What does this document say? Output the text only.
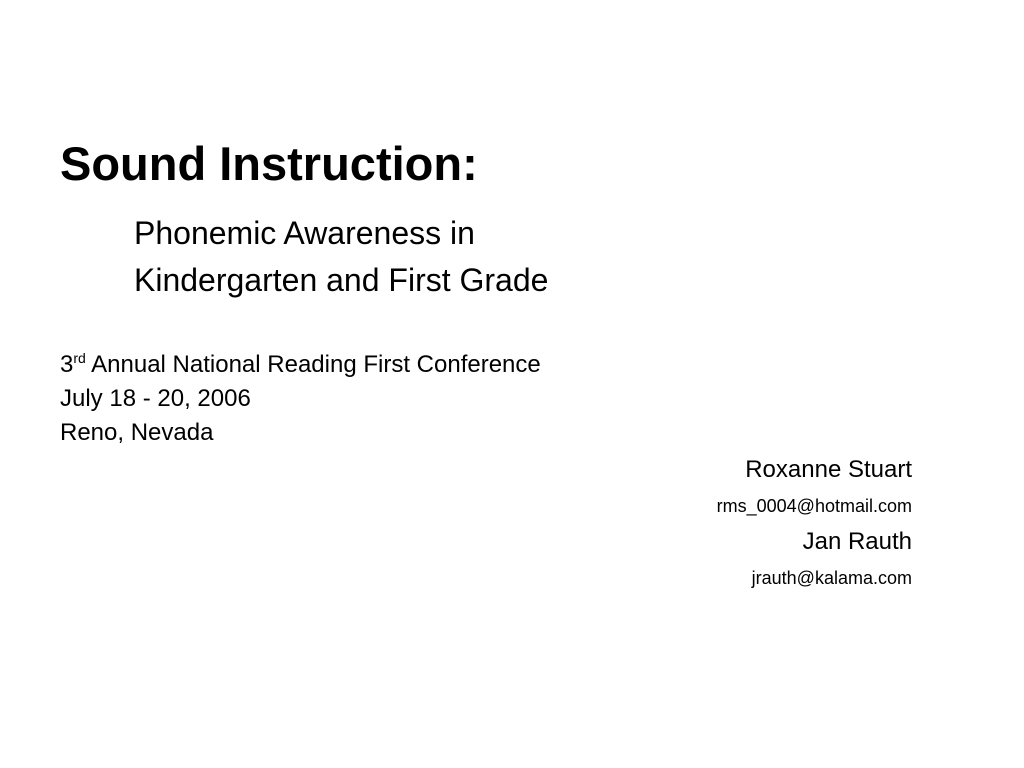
Sound Instruction:
Phonemic Awareness in
Kindergarten and First Grade
3rd Annual National Reading First Conference
July 18 - 20, 2006
Reno, Nevada
Roxanne Stuart
rms_0004@hotmail.com
Jan Rauth
jrauth@kalama.com
